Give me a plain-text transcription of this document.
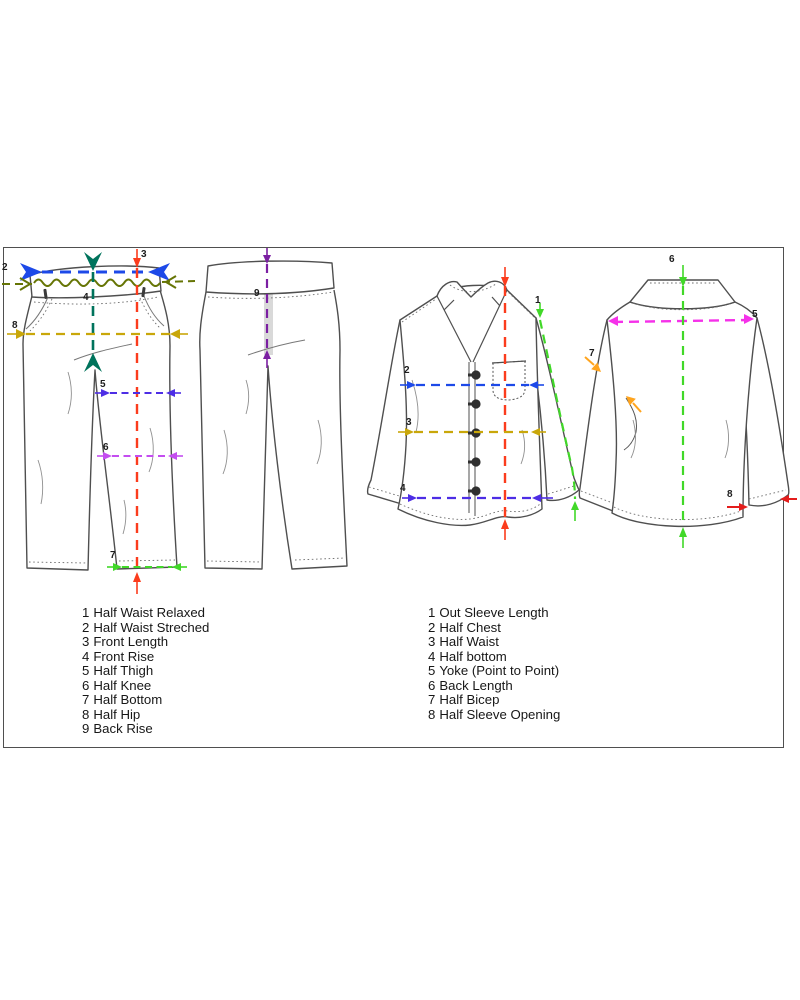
2
3
4
5
6
7
8
9
1
2
3
4
5
6
7
8
1 Half Waist Relaxed
2 Half Waist Streched
3 Front Length
4 Front Rise
5 Half Thigh
6 Half Knee
7 Half Bottom
8 Half Hip
9 Back Rise
1 Out Sleeve Length
2 Half Chest
3 Half Waist
4 Half bottom
5 Yoke (Point to Point)
6 Back Length
7 Half Bicep
8 Half Sleeve Opening
